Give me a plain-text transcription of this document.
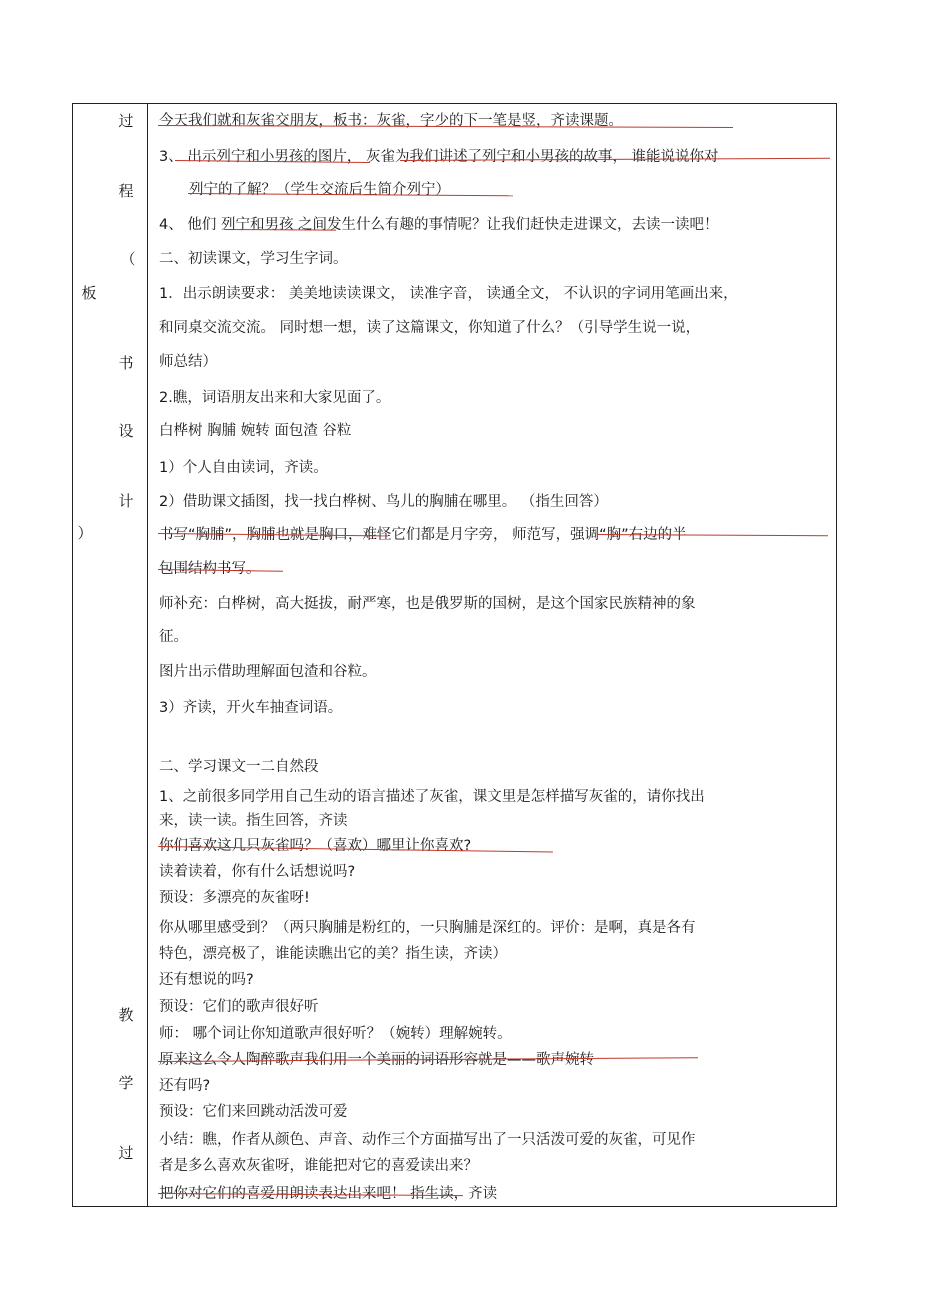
过
程
（
板
书
设
计
）
教
学
过
今天我们就和灰雀交朋友，板书：灰雀，字少的下一笔是竖，齐读课题。
3、 出示列宁和小男孩的图片， 灰雀为我们讲述了列宁和小男孩的故事， 谁能说说你对
列宁的了解？（学生交流后生简介列宁）
4、 他们 列宁和男孩 之间发生什么有趣的事情呢？让我们赶快走进课文，去读一读吧！
二、初读课文，学习生字词。
1．出示朗读要求： 美美地读读课文， 读准字音， 读通全文， 不认识的字词用笔画出来，
和同桌交流交流。 同时想一想，读了这篇课文，你知道了什么？（引导学生说一说，
师总结）
2.瞧，词语朋友出来和大家见面了。
白桦树 胸脯 婉转 面包渣 谷粒
1）个人自由读词，齐读。
2）借助课文插图，找一找白桦树、鸟儿的胸脯在哪里。 （指生回答）
书写“胸脯”，胸脯也就是胸口，难怪它们都是月字旁， 师范写，强调“胸”右边的半
包围结构书写。
师补充：白桦树，高大挺拔，耐严寒，也是俄罗斯的国树，是这个国家民族精神的象
征。
图片出示借助理解面包渣和谷粒。
3）齐读，开火车抽查词语。
二、学习课文一二自然段
1、之前很多同学用自己生动的语言描述了灰雀，课文里是怎样描写灰雀的，请你找出
来，读一读。指生回答，齐读
你们喜欢这几只灰雀吗？（喜欢）哪里让你喜欢?
读着读着，你有什么话想说吗?
预设：多漂亮的灰雀呀!
你从哪里感受到？（两只胸脯是粉红的，一只胸脯是深红的。评价：是啊，真是各有
特色，漂亮极了，谁能读瞧出它的美？指生读，齐读）
还有想说的吗?
预设：它们的歌声很好听
师： 哪个词让你知道歌声很好听？（婉转）理解婉转。
原来这么令人陶醉歌声我们用一个美丽的词语形容就是——歌声婉转
还有吗?
预设：它们来回跳动活泼可爱
小结：瞧，作者从颜色、声音、动作三个方面描写出了一只活泼可爱的灰雀，可见作
者是多么喜欢灰雀呀，谁能把对它的喜爱读出来？
把你对它们的喜爱用朗读表达出来吧！ 指生读，齐读
